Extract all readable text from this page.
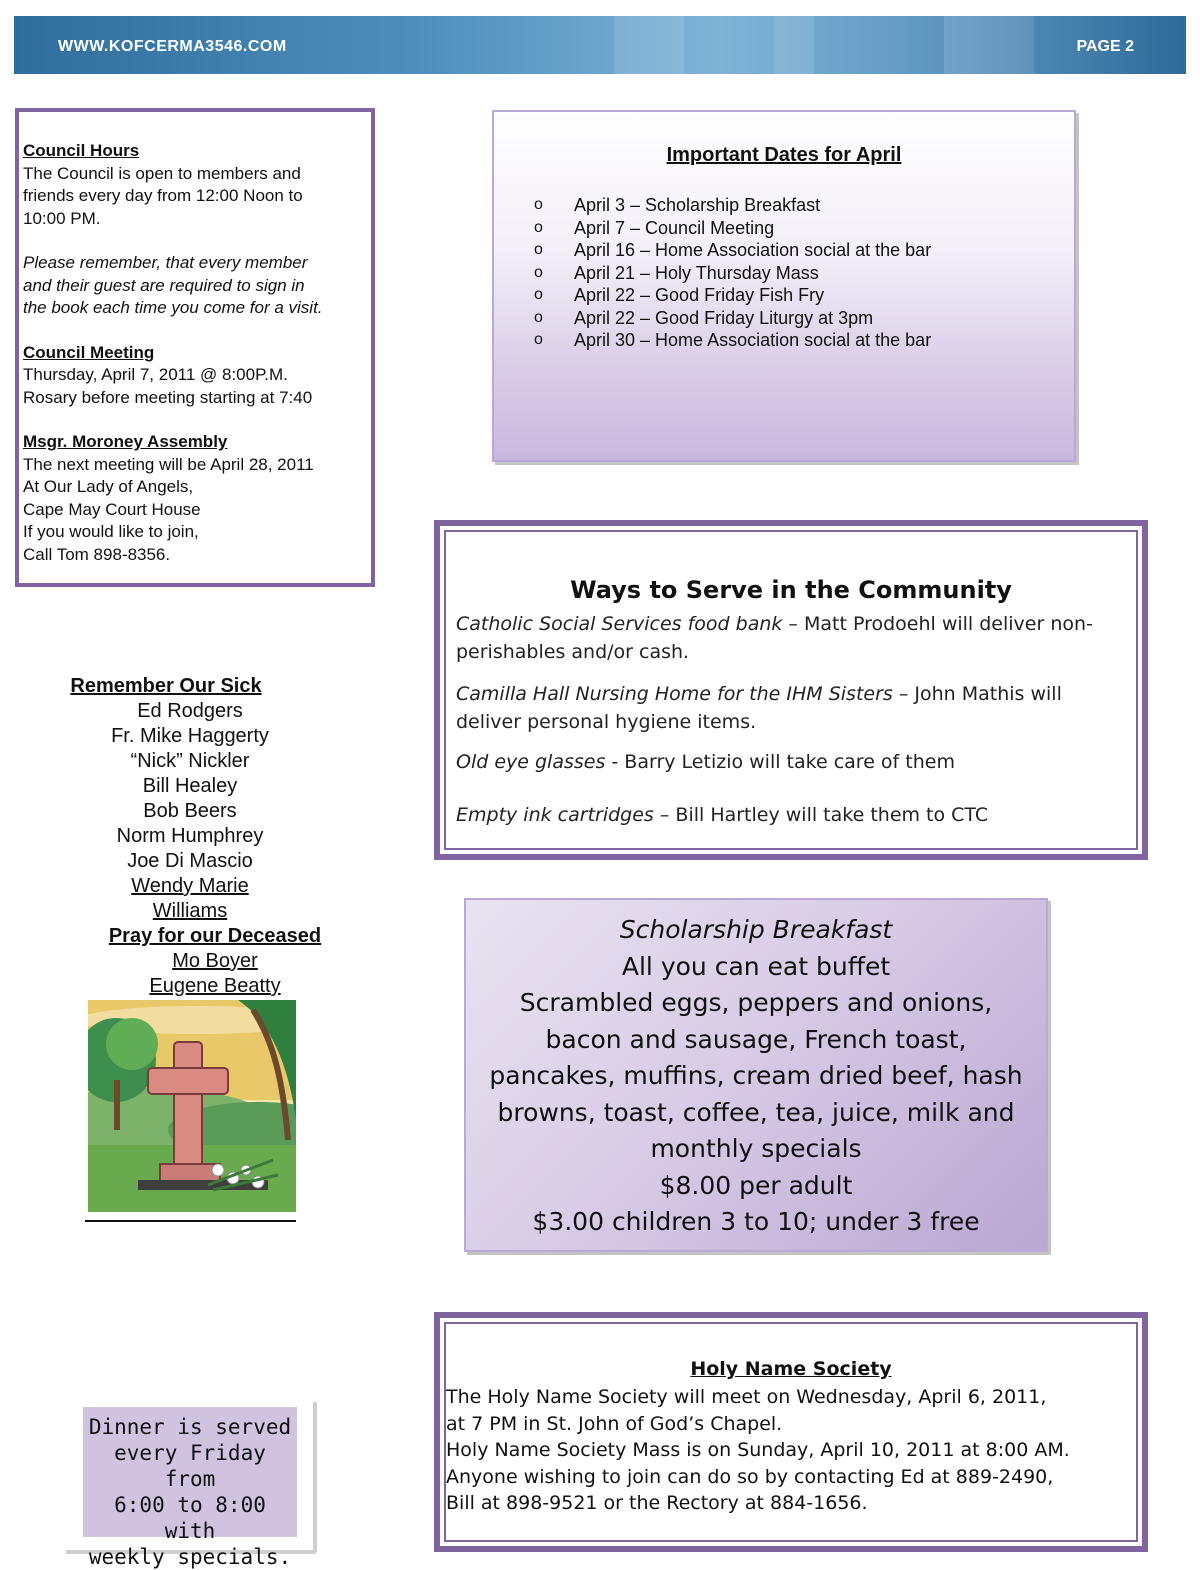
WWW.KOFCERMA3546.COM	PAGE 2
Council Hours
The Council is open to members and
friends every day from 12:00 Noon to
10:00 PM.
Please remember, that every member
and their guest are required to sign in
the book each time you come for a visit.
Council Meeting
Thursday, April 7, 2011 @ 8:00P.M.
Rosary before meeting starting at 7:40
Msgr. Moroney Assembly
The next meeting will be April 28, 2011
At Our Lady of Angels,
Cape May Court House
If you would like to join,
Call Tom 898-8356.
Important Dates for April
o	April 3 – Scholarship Breakfast
o	April 7 – Council Meeting
o	April 16 – Home Association social at the bar
o	April 21 – Holy Thursday Mass
o	April 22 – Good Friday Fish Fry
o	April 22 – Good Friday Liturgy at 3pm
o	April 30 – Home Association social at the bar
Ways to Serve in the Community
Catholic Social Services food bank – Matt Prodoehl will deliver non-perishables and/or cash.
Camilla Hall Nursing Home for the IHM Sisters – John Mathis will deliver personal hygiene items.
Old eye glasses - Barry Letizio will take care of them
Empty ink cartridges – Bill Hartley will take them to CTC
Scholarship Breakfast
All you can eat buffet
Scrambled eggs, peppers and onions, bacon and sausage, French toast, pancakes, muffins, cream dried beef, hash browns, toast, coffee, tea, juice, milk and monthly specials
$8.00 per adult
$3.00 children 3 to 10; under 3 free
Remember Our Sick
Ed Rodgers
Fr. Mike Haggerty
“Nick” Nickler
Bill Healey
Bob Beers
Norm Humphrey
Joe Di Mascio
Wendy Marie
Williams
Pray for our Deceased
Mo Boyer
Eugene Beatty
Dinner is served
every Friday from
6:00 to 8:00 with
weekly specials.
Holy Name Society
The Holy Name Society will meet on Wednesday, April 6, 2011,
at 7 PM in St. John of God’s Chapel.
Holy Name Society Mass is on Sunday, April 10, 2011 at 8:00 AM.
Anyone wishing to join can do so by contacting Ed at 889-2490,
Bill at 898-9521 or the Rectory at 884-1656.
